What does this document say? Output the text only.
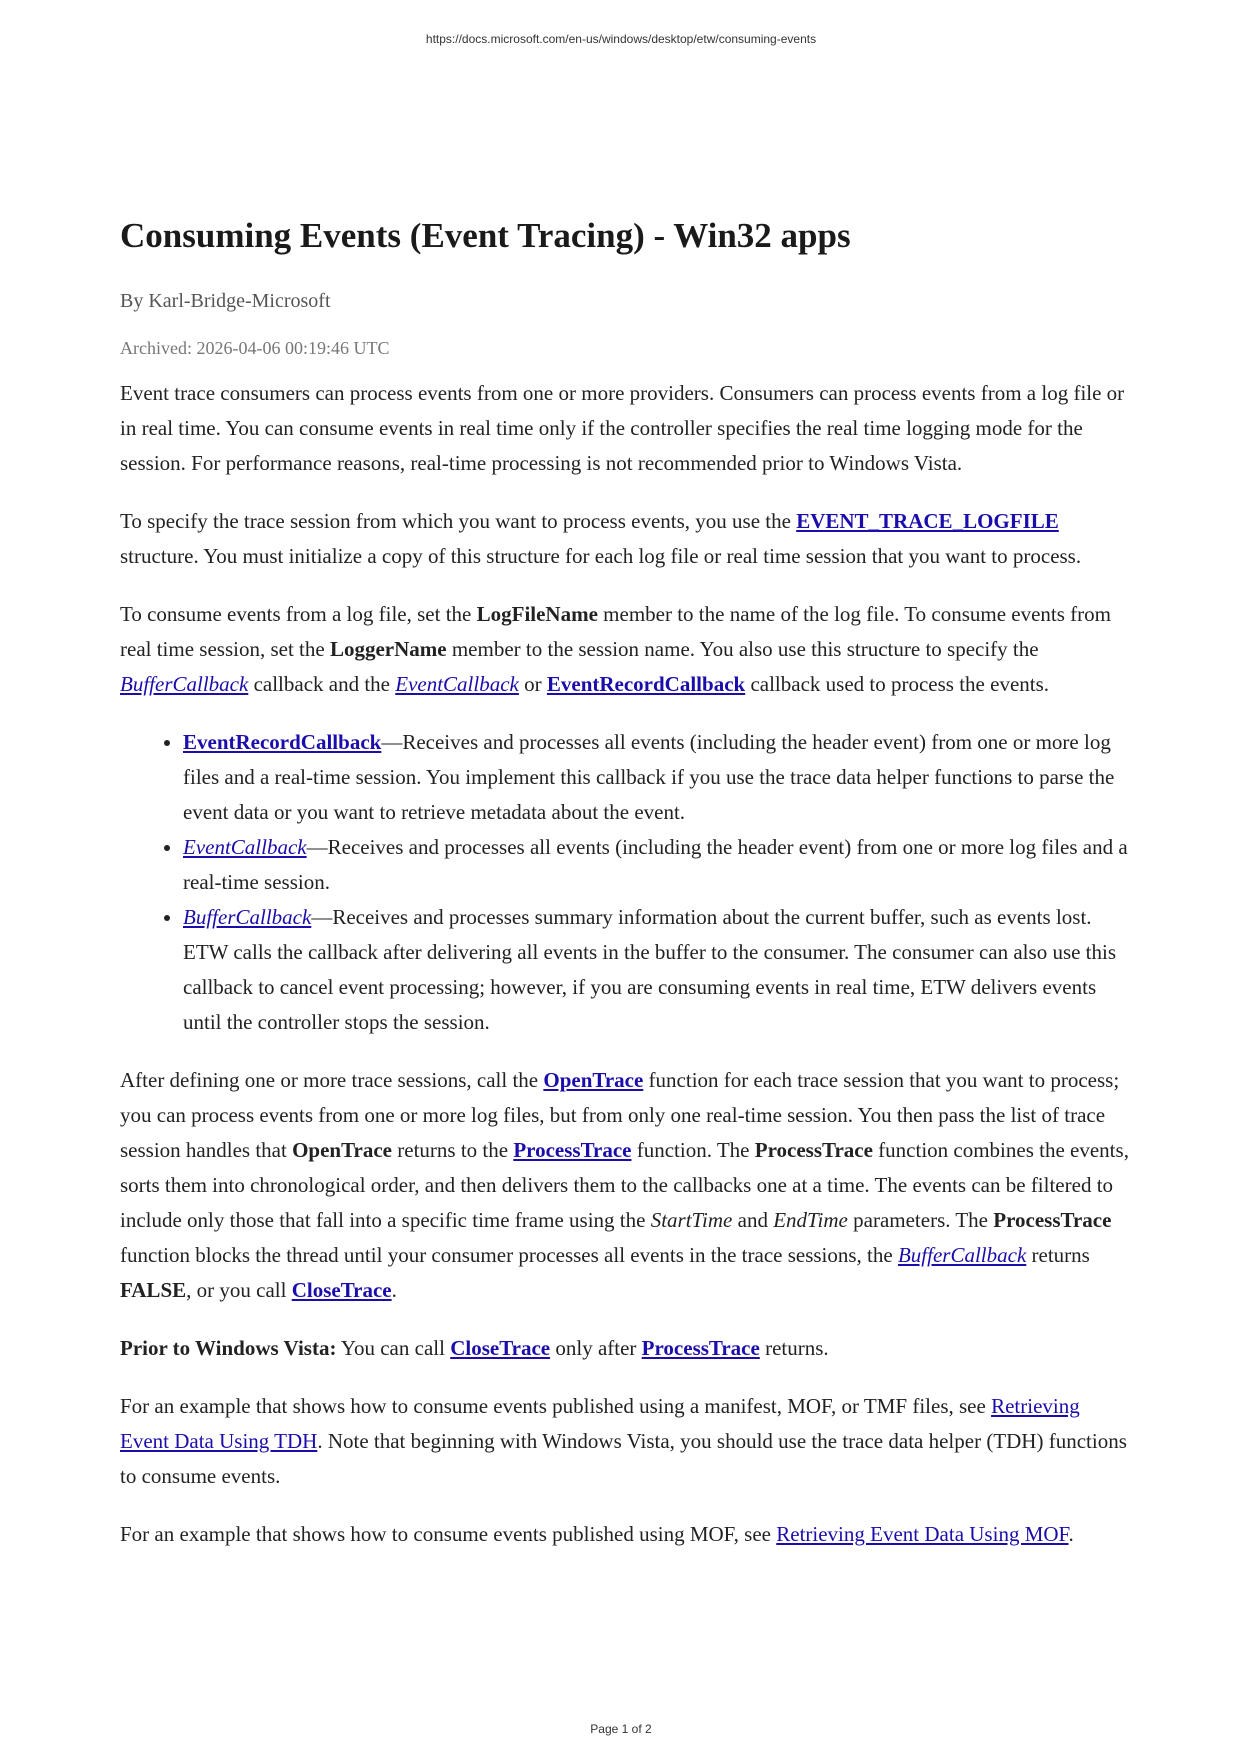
https://docs.microsoft.com/en-us/windows/desktop/etw/consuming-events
Consuming Events (Event Tracing) - Win32 apps
By Karl-Bridge-Microsoft
Archived: 2026-04-06 00:19:46 UTC

Event trace consumers can process events from one or more providers. Consumers can process events from a log file or in real time. You can consume events in real time only if the controller specifies the real time logging mode for the session. For performance reasons, real-time processing is not recommended prior to Windows Vista.

To specify the trace session from which you want to process events, you use the EVENT_TRACE_LOGFILE structure. You must initialize a copy of this structure for each log file or real time session that you want to process.

To consume events from a log file, set the LogFileName member to the name of the log file. To consume events from real time session, set the LoggerName member to the session name. You also use this structure to specify the BufferCallback callback and the EventCallback or EventRecordCallback callback used to process the events.

• EventRecordCallback—Receives and processes all events (including the header event) from one or more log files and a real-time session. You implement this callback if you use the trace data helper functions to parse the event data or you want to retrieve metadata about the event.
• EventCallback—Receives and processes all events (including the header event) from one or more log files and a real-time session.
• BufferCallback—Receives and processes summary information about the current buffer, such as events lost. ETW calls the callback after delivering all events in the buffer to the consumer. The consumer can also use this callback to cancel event processing; however, if you are consuming events in real time, ETW delivers events until the controller stops the session.

After defining one or more trace sessions, call the OpenTrace function for each trace session that you want to process; you can process events from one or more log files, but from only one real-time session. You then pass the list of trace session handles that OpenTrace returns to the ProcessTrace function. The ProcessTrace function combines the events, sorts them into chronological order, and then delivers them to the callbacks one at a time. The events can be filtered to include only those that fall into a specific time frame using the StartTime and EndTime parameters. The ProcessTrace function blocks the thread until your consumer processes all events in the trace sessions, the BufferCallback returns FALSE, or you call CloseTrace.

Prior to Windows Vista: You can call CloseTrace only after ProcessTrace returns.

For an example that shows how to consume events published using a manifest, MOF, or TMF files, see Retrieving Event Data Using TDH. Note that beginning with Windows Vista, you should use the trace data helper (TDH) functions to consume events.

For an example that shows how to consume events published using MOF, see Retrieving Event Data Using MOF.

Page 1 of 2
